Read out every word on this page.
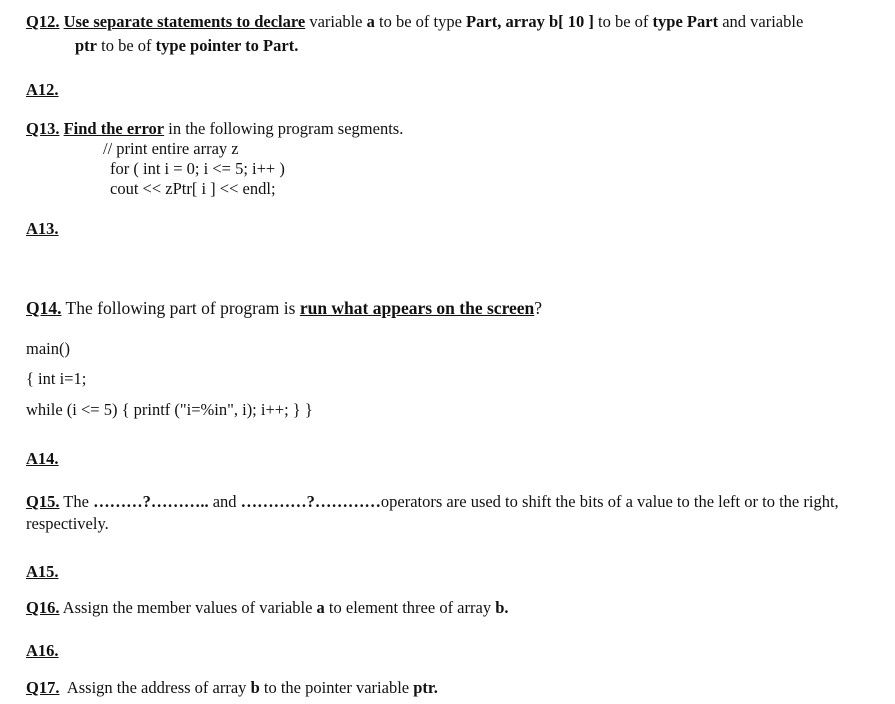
Q12. Use separate statements to declare variable a to be of type Part, array b[ 10 ] to be of type Part and variable
ptr to be of type pointer to Part.
A12.
Q13. Find the error in the following program segments.
// print entire array z
for ( int i = 0; i <= 5; i++ )
cout << zPtr[ i ] << endl;
A13.
Q14. The following part of program is run what appears on the screen?
main()
{ int i=1;
while (i <= 5) { printf ("i=%in", i); i++; } }
A14.
Q15. The ………?……….. and …………?…………operators are used to shift the bits of a value to the left or to the right,
respectively.
A15.
Q16. Assign the member values of variable a to element three of array b.
A16.
Q17.  Assign the address of array b to the pointer variable ptr.
